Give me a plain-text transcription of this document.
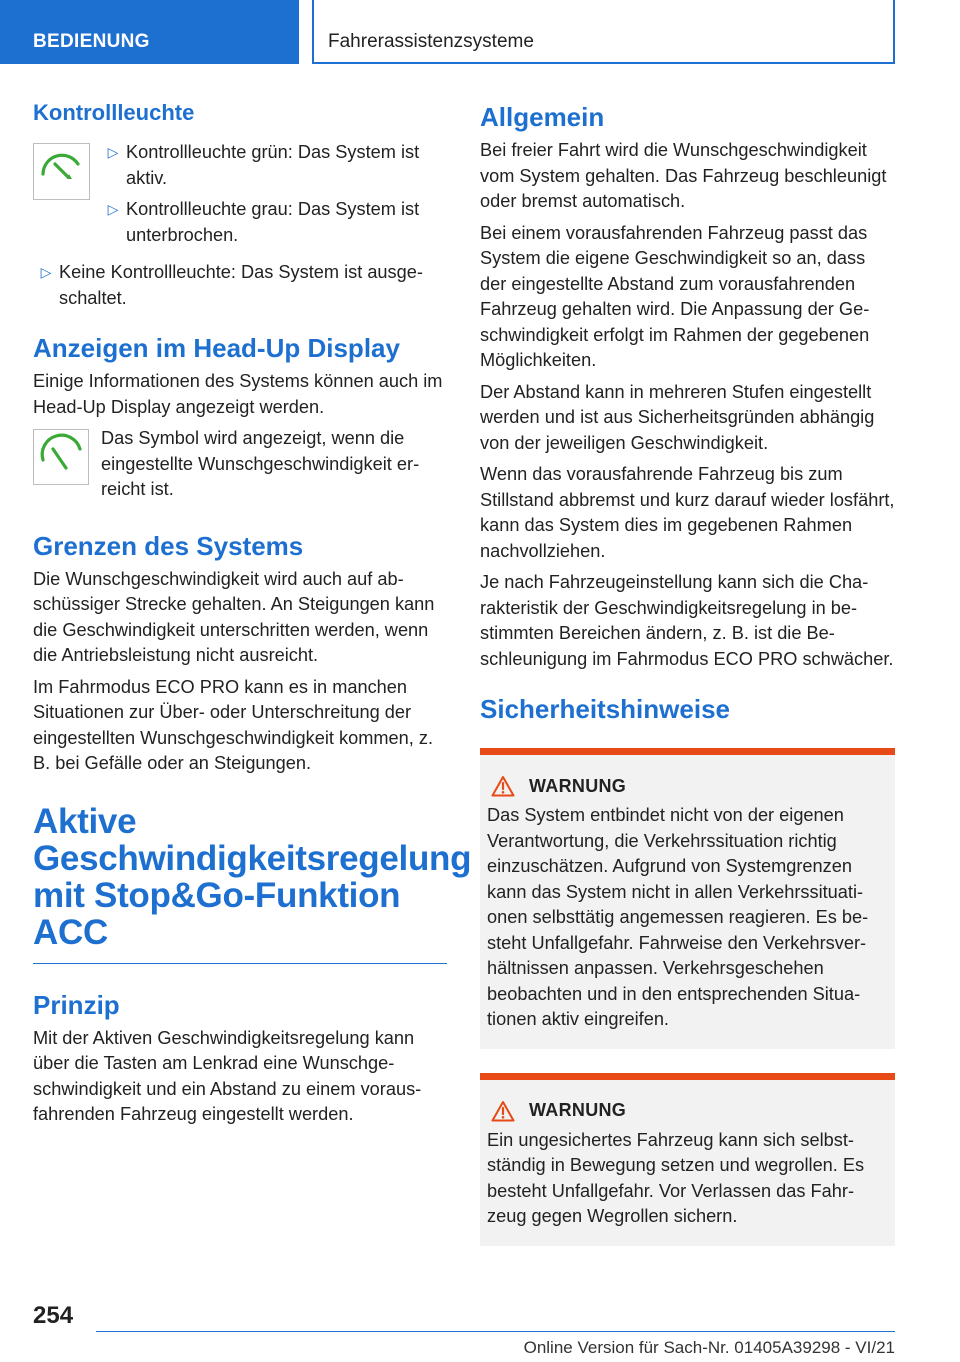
BEDIENUNG	Fahrerassistenzsysteme
Kontrollleuchte
▷ Kontrollleuchte grün: Das System ist aktiv.
▷ Kontrollleuchte grau: Das System ist unterbrochen.
▷ Keine Kontrollleuchte: Das System ist ausgeschaltet.
Anzeigen im Head-Up Display

Einige Informationen des Systems können auch im Head-Up Display angezeigt werden.

Das Symbol wird angezeigt, wenn die eingestellte Wunschgeschwindigkeit erreicht ist.

Grenzen des Systems

Die Wunschgeschwindigkeit wird auch auf abschüssiger Strecke gehalten. An Steigungen kann die Geschwindigkeit unterschritten werden, wenn die Antriebsleistung nicht ausreicht.

Im Fahrmodus ECO PRO kann es in manchen Situationen zur Über- oder Unterschreitung der eingestellten Wunschgeschwindigkeit kommen, z. B. bei Gefälle oder an Steigungen.

Aktive Geschwindigkeitsregelung mit Stop&Go-Funktion ACC
Prinzip

Mit der Aktiven Geschwindigkeitsregelung kann über die Tasten am Lenkrad eine Wunschgeschwindigkeit und ein Abstand zu einem vorausfahrenden Fahrzeug eingestellt werden.

Allgemein

Bei freier Fahrt wird die Wunschgeschwindigkeit vom System gehalten. Das Fahrzeug beschleunigt oder bremst automatisch.

Bei einem vorausfahrenden Fahrzeug passt das System die eigene Geschwindigkeit so an, dass der eingestellte Abstand zum vorausfahrenden Fahrzeug gehalten wird. Die Anpassung der Geschwindigkeit erfolgt im Rahmen der gegebenen Möglichkeiten.

Der Abstand kann in mehreren Stufen eingestellt werden und ist aus Sicherheitsgründen abhängig von der jeweiligen Geschwindigkeit.

Wenn das vorausfahrende Fahrzeug bis zum Stillstand abbremst und kurz darauf wieder losfährt, kann das System dies im gegebenen Rahmen nachvollziehen.

Je nach Fahrzeugeinstellung kann sich die Charakteristik der Geschwindigkeitsregelung in bestimmten Bereichen ändern, z. B. ist die Beschleunigung im Fahrmodus ECO PRO schwächer.

Sicherheitshinweise
WARNUNG

Das System entbindet nicht von der eigenen Verantwortung, die Verkehrssituation richtig einzuschätzen. Aufgrund von Systemgrenzen kann das System nicht in allen Verkehrssituationen selbsttätig angemessen reagieren. Es besteht Unfallgefahr. Fahrweise den Verkehrsverhältnissen anpassen. Verkehrsgeschehen beobachten und in den entsprechenden Situationen aktiv eingreifen.

WARNUNG

Ein ungesichertes Fahrzeug kann sich selbstständig in Bewegung setzen und wegrollen. Es besteht Unfallgefahr. Vor Verlassen das Fahrzeug gegen Wegrollen sichern.

254
Online Version für Sach-Nr. 01405A39298 - VI/21
